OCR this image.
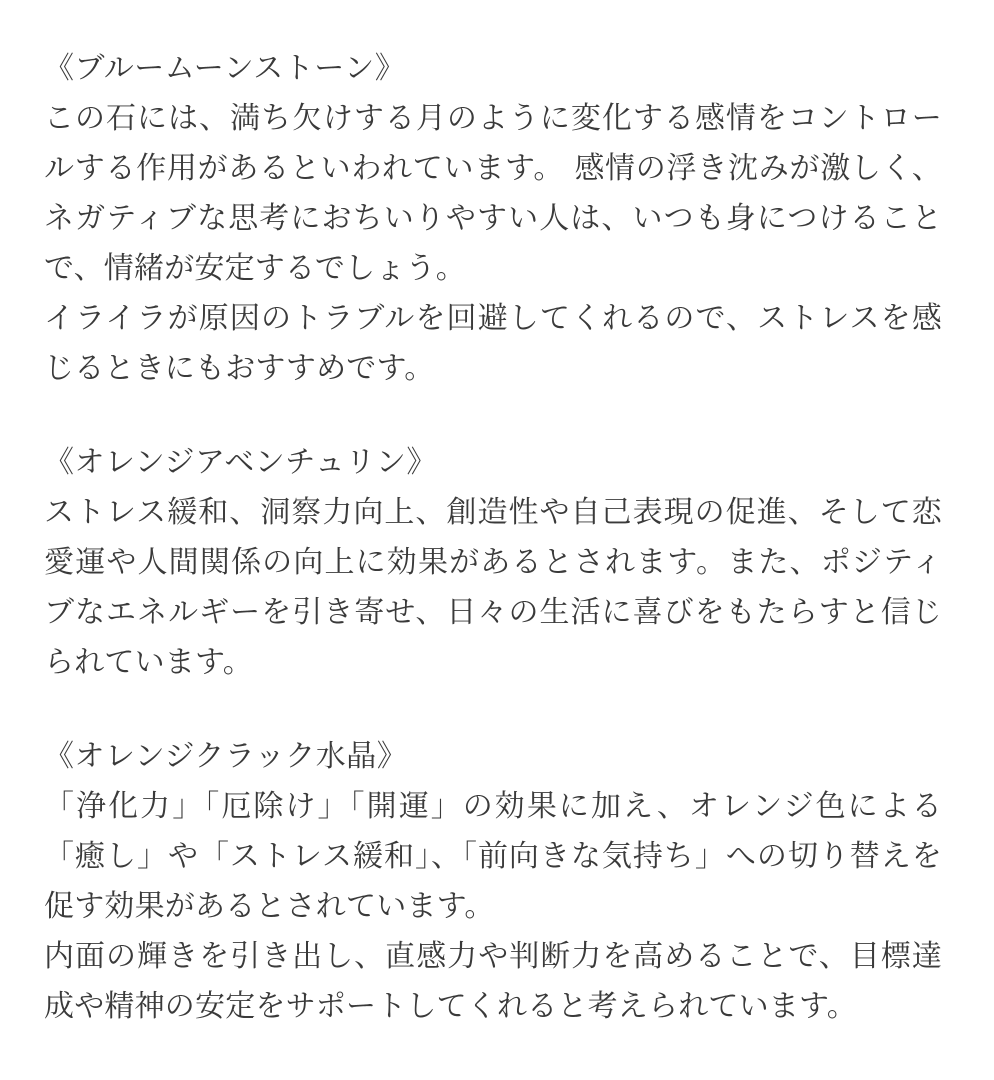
《ブルームーンストーン》
この石には、満ち欠けする月のように変化する感情をコントロールする作用があるといわれています。 感情の浮き沈みが激しく、ネガティブな思考におちいりやすい人は、いつも身につけることで、情緒が安定するでしょう。
イライラが原因のトラブルを回避してくれるので、ストレスを感じるときにもおすすめです。
《オレンジアベンチュリン》
ストレス緩和、洞察力向上、創造性や自己表現の促進、そして恋愛運や人間関係の向上に効果があるとされます。また、ポジティブなエネルギーを引き寄せ、日々の生活に喜びをもたらすと信じられています。
《オレンジクラック水晶》
「浄化力」「厄除け」「開運」の効果に加え、オレンジ色による「癒し」や「ストレス緩和」、「前向きな気持ち」への切り替えを促す効果があるとされています。
内面の輝きを引き出し、直感力や判断力を高めることで、目標達成や精神の安定をサポートしてくれると考えられています。
